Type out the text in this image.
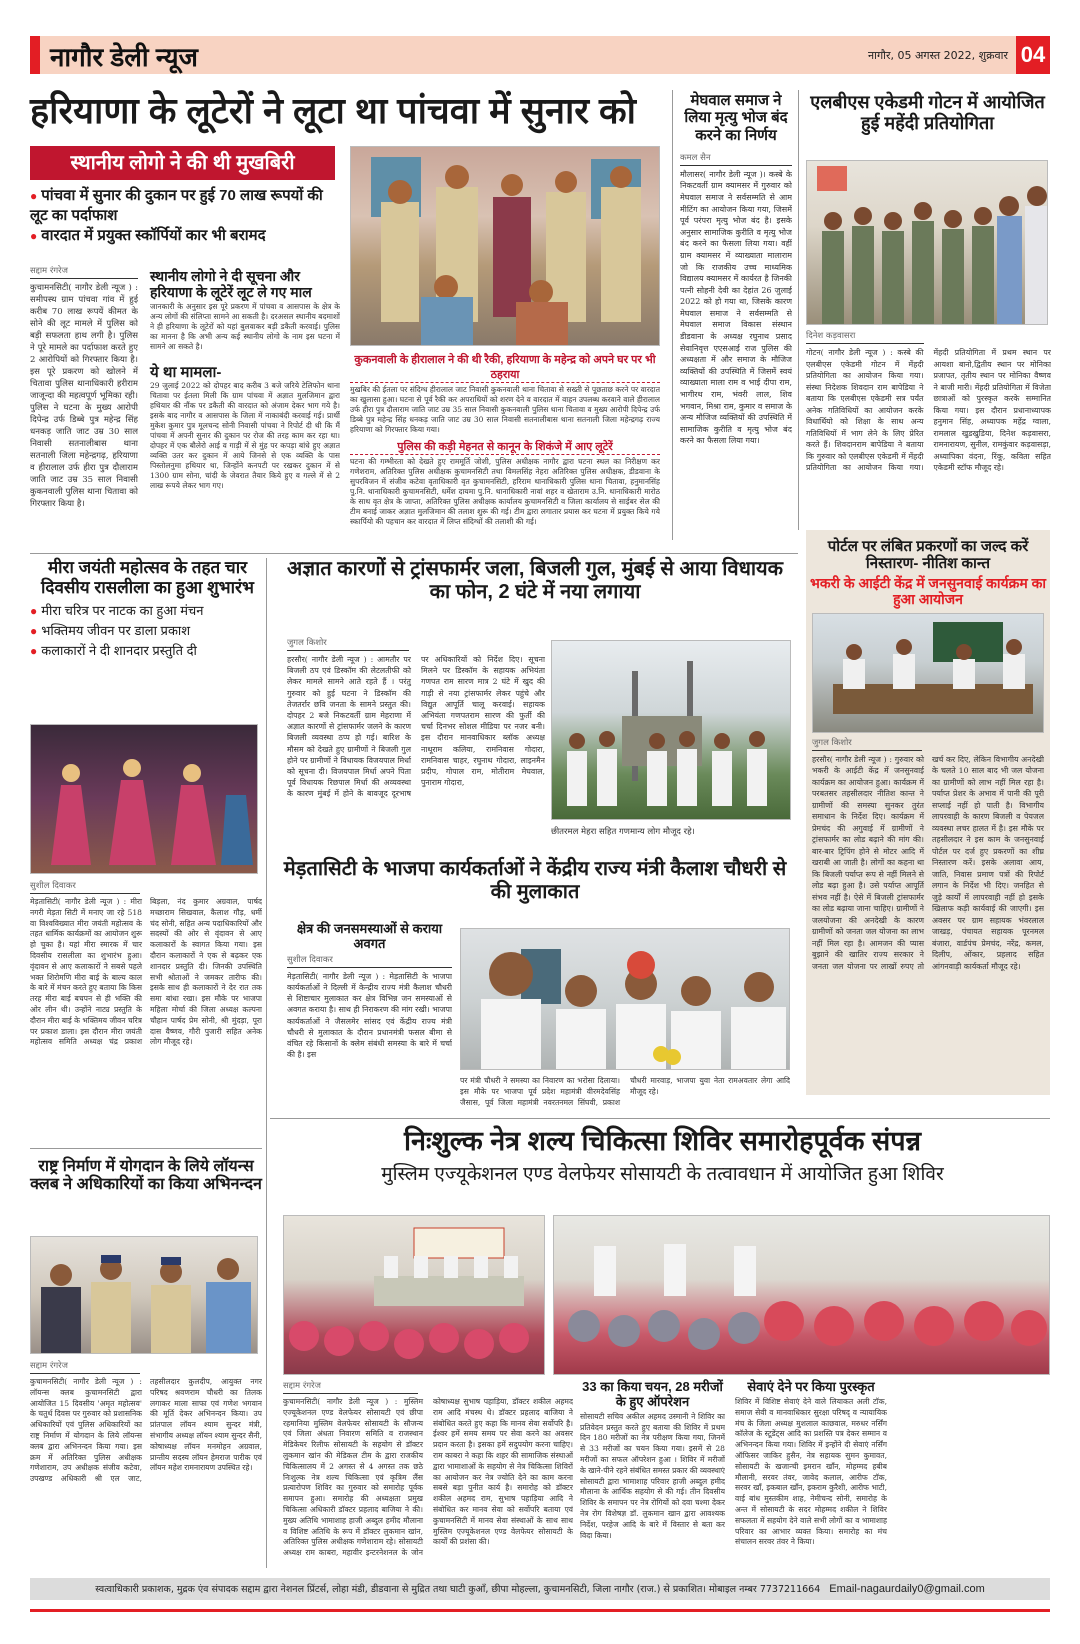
नागौर डेली न्यूज	नागौर, 05 अगस्त 2022, शुक्रवार 04
हरियाणा के लूटेरों ने लूटा था पांचवा में सुनार को
स्थानीय लोगो ने की थी मुखबिरी
● पांचवा में सुनार की दुकान पर हुई 70 लाख रूपयों की लूट का पर्दाफाश
● वारदात में प्रयुक्त स्कॉर्पियों कार भी बरामद
सद्दाम रंगरेज
कुचामनसिटी( नागौर डेली न्यूज ) : समीपस्थ ग्राम पांचवा गांव में हुई करीब 70 लाख रूपयें कीमत के सोने की लूट मामले में पुलिस को बड़ी सफलता हाथ लगी है। पुलिस ने पूरे मामले का पर्दाफाश करते हुए 2 आरोपियों को गिरफ्तार किया है। इस पूरे प्रकरण को खोलने में चितावा पुलिस थानाधिकारी हरीराम जाजून्दा की महत्वपूर्ण भूमिका रही। पुलिस ने घटना के मुख्य आरोपी दिपेन्द्र उर्फ डिब्बे पुत्र महेन्द्र सिंह धनकड़ जाति जाट उम्र 30 साल निवासी सतनालीबास थाना सतनाली जिला महेन्द्रगढ़, हरियाणा व हीरालाल उर्फ हीरा पुत्र दौलाराम जाति जाट उम्र 35 साल निवासी कुकनवाली पुलिस थाना चितावा को गिरफ्तार किया है।
स्थानीय लोगो ने दी सूचना और हरियाणा के लूटेरें लूट ले गए माल
जानकारी के अनुसार इस पूरे प्रकरण में पांचवा व आसपास के क्षेत्र के अन्य लोगों की संलिप्ता सामने आ सकती है। दरअसल स्थानीय बदमाशों ने ही हरियाणा के लूटेरों को यहां बुलवाकर बड़ी डकैती करवाई। पुलिस का मानना है कि अभी अन्य कई स्थानीय लोगो के नाम इस घटना में सामने आ सकते है।
ये था मामला-
29 जुलाई 2022 को दोपहर बाद करीब 3 बजे जरिये टेलिफोन थाना चितावा पर ईतला मिली कि ग्राम पांचवा में अज्ञात मुलजिमान द्वारा हथियार की नौंक पर डकैती की वारदात को अंजाम देकर भाग गये है। इसके बाद नागौर व आसपास के जिला में नाकाबंदी करवाई गई। प्रार्थी मुकेश कुमार पुत्र मूलचन्द सोनी निवासी पांचवा ने रिपोर्ट दी थी कि मैं पांचवा में अपनी सुनार की दुकान पर रोज की तरह काम कर रहा था। दोपहर में एक बौलेरो आई व गाड़ी में से मुंह पर कपड़ा बांधे हुए अज्ञात व्यक्ति उतर कर दुकान में आये जिनसे से एक व्यक्ति के पास पिस्तोलनुमा हथियार था, जिन्होंने कनपटी पर रखकर दुकान में से 1300 ग्राम सोना, चांदी के जेवरात तैयार किये हुए व गल्ले में से 2 लाख रूपये लेकर भाग गए।
कुकनवाली के हीरालाल ने की थी रैकी, हरियाणा के महेन्द्र को अपने घर पर भी ठहराया
मुखबिर की ईतला पर संदिग्ध हीरालाल जाट निवासी कुकनवाली थाना चितावा से सख्ती से पूछताछ करने पर वारदात का खुलासा हुआ। घटना से पूर्व रैकी कर अपराधियों को शरण देने व वारदात में वाहन उपलब्ध करवाने वाले हीरालाल उर्फ हीरा पुत्र दौलाराम जाति जाट उम्र 35 साल निवासी कुकनवाली पुलिस थाना चितावा व मुख्य आरोपी दिपेन्द्र उर्फ डिब्बे पुत्र महेन्द्र सिंह धनकड़ जाति जाट उम्र 30 साल निवासी सतनालीबास थाना सतनाली जिला महेन्द्रगढ़ राज्य हरियाणा को गिरफ्तार किया गया।
पुलिस की कड़ी मेहनत से कानून के शिकंजे में आए लूटेरें
घटना की गम्भीरता को देखते हुए राममूर्ति जोशी, पुलिस अधीक्षक नागौर द्वारा घटना स्थल का निरीक्षण कर गणेशराम, अतिरिक्त पुलिस अधीक्षक कुचामनसिटी तथा विमलसिंह नेहरा अतिरिक्त पुलिस अधीक्षक, डीडवाना के सुपरविजन में संजीव कटेवा वृताधिकारी वृत कुचामनसिटी, हरिराम थानाधिकारी पुलिस थाना चितावा, हनुमानसिंह पु.नि. थानाधिकारी कुचामनसिटी, धर्मेश दायमा पु.नि. थानाधिकारी नावां शहर व खेताराम उ.नि. थानाधिकारी मारोठ के साथ वृत क्षेत्र के जाप्ता, अतिरिक्त पुलिस अधीक्षक कार्यालय कुचामनसिटी व जिला कार्यालय से साईबर सेल की टीम बनाई जाकर अज्ञात मुलजिमान की तलाश शुरू की गई। टीम द्वारा लगातार प्रयास कर घटना में प्रयुक्त किये गये स्कार्पियो की पहचान कर वारदात में लिप्त संदिग्धों की तलाशी की गई।
मेघवाल समाज ने लिया मृत्यु भोज बंद करने का निर्णय
कमल सैन
मौलासर( नागौर डेली न्यूज )। कस्बे के निकटवर्ती ग्राम क्यामसर में गुरुवार को मेघवाल समाज ने सर्वसम्मति से आम मीटिंग का आयोजन किया गया, जिसमें पूर्व परंपरा मृत्यु भोज बंद है। इसके अनुसार सामाजिक कुरीति व मृत्यु भोज बंद करने का फैसला लिया गया। वहीं ग्राम क्यामसर में व्याख्याता मालाराम जो कि राजकीय उच्च माध्यमिक विद्यालय क्यामसर में कार्यरत है जिनकी पत्नी सोहनी देवी का देहांत 26 जुलाई 2022 को हो गया था, जिसके कारण मेघवाल समाज ने सर्वसम्मति से मेघवाल समाज विकास संस्थान डीडवाना के अध्यक्ष रघुनाथ प्रसाद सेवानिवृत्त एएसआई राज पुलिस की अध्यक्षता में और समाज के मौजिज व्यक्तियों की उपस्थिति में जिसमें स्वयं व्याख्याता माला राम व भाई दीपा राम, भागीरथ राम, भंवरी लाल, शिव भगवान, मिश्रा राम, कुमार व समाज के अन्य मौजिज व्यक्तियों की उपस्थिति में सामाजिक कुरीति व मृत्यु भोज बंद करने का फैसला लिया गया।
एलबीएस एकेडमी गोटन में आयोजित हुई महेंदी प्रतियोगिता
दिनेश कड़वासरा
गोटन( नागौर डेली न्यूज ) : कस्बे की एलबीएस एकेडमी गोटन में मेंहदी प्रतियोगिता का आयोजन किया गया। संस्था निदेशक शिवदान राम बापेडिया ने बताया कि एलबीएस एकेडमी सत्र पर्यंत अनेक गतिविधियों का आयोजन करके विधार्थियो को शिक्षा के साथ अन्य गतिविधियों में भाग लेने के लिए प्रेरित करते हैं। शिवदानराम बापेडिया ने बताया कि गुरुवार को एलबीएस एकेडमी में मेंहदी प्रतियोगिता का आयोजन किया गया। मेंहदी प्रतियोगिता में प्रथम स्थान पर आयशा बानो,द्वितीय स्थान पर मोनिका प्रजापत, तृतीय स्थान पर मोनिका वैष्णव ने बाजी मारी। मेंहदी प्रतियोगिता में विजेता छात्राओं को पुरस्कृत करके सम्मानित किया गया। इस दौरान प्रधानाध्यापक हनुमान सिंह, अध्यापक महेंद्र ग्वाला, रामलाल खुडखुडिया, दिनेश कड़वासरा, रामनारायण, सुनील, रामकुंवार कड़वासड़ा, अध्यापिका वंदना, रिंकू, कविता सहित एकेडमी स्टॉफ मौजूद रहे।
पोर्टल पर लंबित प्रकरणों का जल्द करें निस्तारण- नीतिश कान्त
भकरी के आईटी केंद्र में जनसुनवाई कार्यक्रम का हुआ आयोजन
जुगल किशोर
हरसौर( नागौर डेली न्यूज ) : गुरुवार को भकरी के आईटी केंद्र में जनसुनवाई कार्यक्रम का आयोजन हुआ। कार्यक्रम में परबतसर तहसीलदार नीतिश कान्त ने ग्रामीणों की समस्या सुनकर तुरंत समाधान के निर्देश दिए। कार्यक्रम में प्रेमचंद की अगुवाई में ग्रामीणों ने ट्रांसफार्मर का लोड बढ़ाने की मांग की। बार-बार ट्रिपिंग होने से मोटर आदि में खराबी आ जाती है। लोगों का कहना था कि बिजली पर्याप्त रूप से नहीं मिलने से लोड बढ़ा हुआ है। उसे पर्याप्त आपूर्ति संभव नहीं है। ऐसे में बिजली ट्रांसफार्मर का लोड बढ़ाया जाना चाहिए। ग्रामीणों ने जलयोजना की अनदेखी के कारण ग्रामीणों को जनता जल योजना का लाभ नहीं मिल रहा है। आमजन की प्यास बुझाने की खातिर राज्य सरकार ने जनता जल योजना पर लाखों रुपए तो खर्च कर दिए, लेकिन विभागीय अनदेखी के चलते 10 साल बाद भी जल योजना का ग्रामीणों को लाभ नहीं मिल रहा है। पर्याप्त प्रेशर के अभाव में पानी की पूरी सप्लाई नहीं हो पाती है। विभागीय लापरवाही के कारण बिजली व पेयजल व्यवस्था लचर हालत में है। इस मौके पर तहसीलदार ने इस काम के जनसुनवाई पोर्टल पर दर्ज हुए प्रकरणों का शीघ्र निस्तारण करें। इसके अलावा आय, जाति, निवास प्रमाण पत्रों की रिपोर्ट लगान के निर्देश भी दिए। जनहित से जुड़े कार्यों में लापरवाही नहीं हो इसके खिलाफ कड़ी कार्यवाई की जाएगी। इस अवसर पर ग्राम सहायक भंवरलाल जाखड़, पंचायत सहायक पूरनमल बंजारा, वार्डपंच प्रेमचंद, नरेंद्र, कमल, दिलीप, ओंकार, प्रहलाद सहित आंगनवाड़ी कार्यकर्ता मौजूद रहे।
मीरा जयंती महोत्सव के तहत चार दिवसीय रासलीला का हुआ शुभारंभ
● मीरा चरित्र पर नाटक का हुआ मंचन
● भक्तिमय जीवन पर डाला प्रकाश
● कलाकारों ने दी शानदार प्रस्तुति दी
सुशील दिवाकर
मेड़तासिटी( नागौर डेली न्यूज ) : मीरा नगरी मेड़ता सिटी में मनाए जा रहे 518 वा विश्वविख्यात मीरा जयंती महोत्सव के तहत धार्मिक कार्यक्रमों का आयोजन शुरू हो चुका है। यहां मीरा स्मारक में चार दिवसीय रासलीला का शुभारंभ हुआ। वृंदावन से आए कलाकारों ने सबसे पहले भक्त शिरोमणि मीरा बाई के बाल्य काल के बारे में मंचन करते हुए बताया कि किस तरह मीरा बाई बचपन से ही भक्ति की ओर लीन थी। उन्होंने नाट्य प्रस्तुति के दौरान मीरा बाई के भक्तिमय जीवन चरित्र पर प्रकाश डाला। इस दौरान मीरा जयंती महोत्सव समिति अध्यक्ष चंद्र प्रकाश बिड़ला, नंद कुमार अग्रवाल, पार्षद मच्छाराम सिखवाल, कैलाश गौड़, धर्मी चंद सोनी, सहित अन्य पदाधिकारियों और सदस्यों की ओर से वृंदावन से आए कलाकारों के स्वागत किया गया। इस दौरान कलाकारों ने एक से बढ़कर एक शानदार प्रस्तुति दी। जिनकी उपस्थिति सभी श्रोताओं ने जमकर तारीफ की। इसके साथ ही कलाकारों ने देर रात तक समा बांधा रखा। इस मौके पर भाजपा महिला मोर्चा की जिला अध्यक्ष कल्पना चौहान पार्षद प्रेम सोनी, श्री मुंदड़ा, पूरा दास वैष्णव, गौरी पुजारी सहित अनेक लोग मौजूद रहे।
अज्ञात कारणों से ट्रांसफार्मर जला, बिजली गुल, मुंबई से आया विधायक का फोन, 2 घंटे में नया लगाया
जुगल किशोर
हरसौर( नागौर डेली न्यूज ) : आमतौर पर बिजली ठप एवं डिस्कॉम की लेटलतीफी को लेकर मामले सामने आते रहते हैं । परंतु गुरुवार को हुई घटना ने डिस्कॉम की तेजतर्रार छवि जनता के सामने प्रस्तुत की। दोपहर 2 बजे निकटवर्ती ग्राम मेहराणा में अज्ञात कारणों से ट्रांसफार्मर जलने के कारण बिजली व्यवस्था ठप्प हो गई। बारिश के मौसम को देखते हुए ग्रामीणों ने बिजली गुल होने पर ग्रामीणों ने विधायक विजयपाल मिर्धा को सूचना दी। विजयपाल मिर्धा अपने पिता पूर्व विधायक रिछपाल मिर्धा की अव्यवस्था के कारण मुंबई में होने के बावजूद दूरभाष पर अधिकारियों को निर्देश दिए। सूचना मिलने पर डिस्कॉम के सहायक अभियंता गणपत राम सारण मात्र 2 घंटे में खुद की गाड़ी से नया ट्रांसफार्मर लेकर पहुंचे और विद्युत आपूर्ति चालू करवाई। सहायक अभियंता गणपतराम सारण की फुर्ती की चर्चा दिनभर सोशल मीडिया पर नजर बनी। इस दौरान मानवाधिकार ब्लॉक अध्यक्ष नाथूराम कलिया, रामनिवास गोदारा, रामनिवास चाहर, रघुनाथ गोदारा, लाइनमैन प्रदीप, गोपाल राम, मोतीराम मेघवाल, पुनाराम गोदारा,
छीतरमल मेहरा सहित गणमान्य लोग मौजूद रहे।
मेड़तासिटी के भाजपा कार्यकर्ताओं ने केंद्रीय राज्य मंत्री कैलाश चौधरी से की मुलाकात
क्षेत्र की जनसमस्याओं से कराया अवगत
सुशील दिवाकर
मेड़तासिटी( नागौर डेली न्यूज ) : मेड़तासिटी के भाजपा कार्यकर्ताओं ने दिल्ली में केन्द्रीय राज्य मंत्री कैलाश चौधरी से शिष्टाचार मुलाकात कर क्षेत्र विभिन्न जन समस्याओं से अवगत कराया है। साथ ही निराकरण की मांग रखी। भाजपा कार्यकर्ताओं ने जैसलमेर सांसद एवं केंद्रीय राज्य मंत्री चौधरी से मुलाकात के दौरान प्रधानमंत्री फसल बीमा से वंचित रहे किसानों के क्लेम संबंधी समस्या के बारे में चर्चा की है। इस
पर मंत्री चौधरी ने समस्या का निवारण का भरोसा दिलाया। इस मौके पर भाजपा पूर्व प्रदेश महामंत्री वीरमदेवसिंह जैसास, पूर्व जिला महामंत्री नवरतनमल सिंघवी, प्रकाश चौधरी मारवाड़, भाजपा युवा नेता रामअवतार लेगा आदि मौजूद रहे।
राष्ट्र निर्माण में योगदान के लिये लॉयन्स क्लब ने अधिकारियों का किया अभिनन्दन
सद्दाम रंगरेज
कुचामनसिटी( नागौर डेली न्यूज ) : लॉयन्स क्लब कुचामनसिटी द्वारा आयोजित 15 दिवसीय 'अमृत महोत्सव' के चतुर्थ दिवस पर गुरुवार को प्रशासनिक अधिकारियों एवं पुलिस अधिकारियों का राष्ट्र निर्माण में योगदान के लिये लॉयन्स क्लब द्वारा अभिनन्दन किया गया। इस क्रम में अतिरिक्त पुलिस अधीक्षक गणेशाराम, उप अधीक्षक संजीव कटेवा, उपखण्ड अधिकारी श्री एल जाट, तहसीलदार कुलदीप, आयुक्त नगर परिषद श्रवणराम चौधरी का तिलक लगाकर माला साफा एवं गणेश भगवान की मूर्ति देकर अभिनन्दन किया। उप प्रांतपाल लॉयन श्याम सुन्दर मंत्री, संभागीय अध्यक्ष लॉयन श्याम सुन्दर सैनी, कोषाध्यक्ष लॉयन मनमोहन अग्रवाल, प्रान्तीय सदस्य लॉयन हेमराज पारीक एवं लॉयन महेश रामनारायण उपस्थित रहे।
निःशुल्क नेत्र शल्य चिकित्सा शिविर समारोहपूर्वक संपन्न
मुस्लिम एज्यूकेशनल एण्ड वेलफेयर सोसायटी के तत्वावधान में आयोजित हुआ शिविर
सद्दाम रंगरेज
कुचामनसिटी( नागौर डेली न्यूज ) : मुस्लिम एज्यूकेशनल एण्ड वेलफेयर सोसायटी एवं छीपा रहमानिया मुस्लिम वेलफेयर सोसायटी के सौजन्य एवं जिला अंधता निवारण समिति व राजस्थान मेडिकेयर रिलीफ सोसायटी के सहयोग से डॉक्टर लुकमान खांन की मेडिकल टीम के द्वारा राजकीय चिकित्सालय में 2 अगस्त से 4 अगस्त तक छठे निःशुल्क नेत्र शल्य चिकित्सा एवं कृत्रिम लैंस प्रत्यारोपण शिविर का गुरुवार को समारोह पूर्वक समापन हुआ। समारोह की अध्यक्षता प्रमुख चिकित्सा अधिकारी डॉक्टर प्रहलाद बाजिया ने की। मुख्य अतिथि भामाशाह हाजी अब्दुल हमीद मौलाना व विशिष्ट अतिथि के रूप में डॉक्टर लुकमान खांन, अतिरिक्त पुलिस अधीक्षक गणेशाराम रहे। सोसायटी अध्यक्ष राम काबरा, महावीर इन्टरनेशनल के जोन कोषाध्यक्ष सुभाष पहाड़िया, डॉक्टर शकील अहमद राम आदि मंचस्थ थे। डॉक्टर प्रहलाद बाजिया ने संबोधित करते हुए कहा कि मानव सेवा सर्वोपरि है। ईश्वर हमें समय समय पर सेवा करने का अवसर प्रदान करता है। इसका हमें सदुपयोग करना चाहिए। राम काबरा ने कहा कि शहर की सामाजिक संस्थाओं द्वारा भामाशाओं के सहयोग से नेत्र चिकित्सा शिविरों का आयोजन कर नेत्र ज्योति देने का काम करना सबसे बड़ा पुनीत कार्य है। समारोह को डॉक्टर शकील अहमद राम, सुभाष पहाड़िया आदि ने संबोधित कर मानव सेवा को सर्वोपरि बताया एवं कुचामनसिटी में मानव सेवा संस्थाओं के साथ साथ मुस्लिम एज्यूकेशनल एण्ड वेलफेयर सोसायटी के कार्यों की प्रशंसा की।
33 का किया चयन, 28 मरीजों के हुए ऑपरेशन
सोसायटी सचिव अकील अहमद उस्मानी ने शिविर का प्रतिवेदन प्रस्तुत करते हुए बताया की शिविर में प्रथम दिन 180 मरीजों का नेत्र परीक्षण किया गया, जिनमें से 33 मरीजों का चयन किया गया। इसमें से 28 मरीजों का सफल ऑपरेशन हुआ । शिविर में मरीजों के खाने-पीने रहने संबंधित समस्त प्रकार की व्यवस्थाएं सोसायटी द्वारा भामाशाह परिवार हाजी अब्दुल हमीद मौलाना के आर्थिक सहयोग से की गई। तीन दिवसीय शिविर के समापन पर नेत्र रोगियों को दवा चश्मा देकर नेत्र रोग विशेषज्ञ डॉ. लुकमान खान द्वारा आवश्यक निर्देश, परहेज आदि के बारे में विस्तार से बता कर विदा किया।
सेवाएं देने पर किया पुरस्कृत
शिविर में विशिष्ट सेवाएं देने वाले लियाकत अली टॉक, समाज सेवी व मानवाधिकार सुरक्षा परिषद् व न्यायायिक मंच के जिला अध्यक्ष मुशलाल काछवाल, मरुधर नर्सिंग कॉलेज के स्टूडेंट्स आदि का प्रशस्ति पत्र देकर सम्मान व अभिनन्दन किया गया। शिविर में इन्होंने दी सेवाएं नर्सिंग ऑफिसर जाकिर हुसैन, नेत्र सहायक सुमन कुमावत, सोसायटी के खजान्ची इमरान खाँन, मोहम्मद हबीब मौलानी, सरवर तंवर, जावेद कलाल, आरीफ टॉक, सरवर खाँ, इकबाल खाँन, इकराम कुरैशी, आरीफ भाटी, वाई बांध मुस्तकीम शाह, नेमीचन्द सोनी, समारोह के अन्त में सोसायटी के सदर मोहम्मद शकील ने शिविर सफलता में सहयोग देने वाले सभी लोगों का व भामाशाह परिवार का आभार व्यक्त किया। समारोह का मंच संचालन सरवर तंवर ने किया।
स्वत्वाधिकारी प्रकाशक, मुद्रक एंव संपादक सद्दाम द्वारा नेशनल प्रिंटर्स, लोहा मंडी, डीडवाना से मुद्रित तथा घाटी कुआँ, छीपा मोहल्ला, कुचामनसिटी, जिला नागौर (राज.) से प्रकाशित। मोबाइल नम्बर 7737211664 Email-nagaurdaily0@gmail.com
